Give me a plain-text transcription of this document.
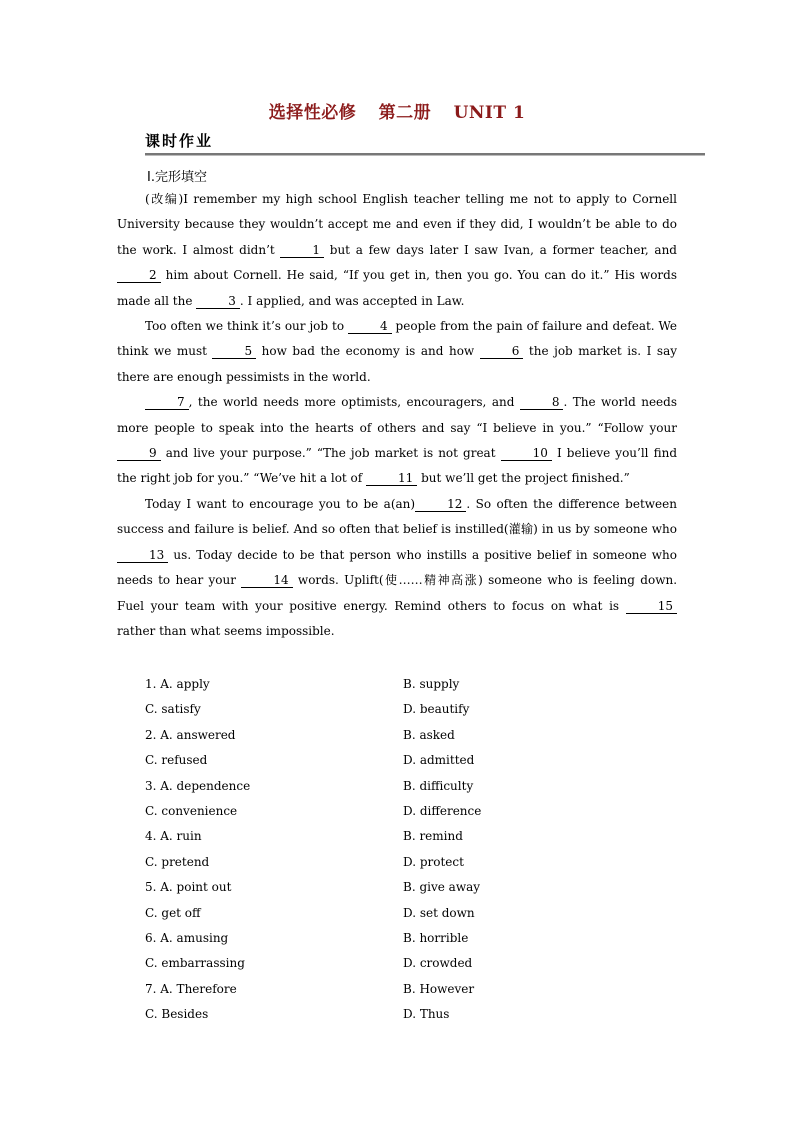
选择性必修 第二册 UNIT 1
课时作业
Ⅰ.完形填空

(改编)I remember my high school English teacher telling me not to apply to Cornell University because they wouldn’t accept me and even if they did, I wouldn’t be able to do the work. I almost didn’t	1 but a few days later I saw Ivan, a former teacher, and 2 him about Cornell. He said, “If you get in, then you go. You can do it.” His words made all the	3 . I applied, and was accepted in Law.

Too often we think it’s our job to	4 people from the pain of failure and defeat. We think we must	5 how bad the economy is and how	6 the job market is. I say there are enough pessimists in the world.

7 , the world needs more optimists, encouragers, and	8 . The world needs more people to speak into the hearts of others and say “I believe in you.” “Follow your 9 and live your purpose.” “The job market is not great	10 I believe you’ll find the right job for you.” “We’ve hit a lot of	11 but we’ll get the project finished.”

Today I want to encourage you to be a(an)	12 . So often the difference between success and failure is belief. And so often that belief is instilled(灌输) in us by someone who 13 us. Today decide to be that person who instills a positive belief in someone who needs to hear your	14 words. Uplift(使……精神高涨) someone who is feeling down. Fuel your team with your positive energy. Remind others to focus on what is	15 rather than what seems impossible.

1. A. apply	B. supply
C. satisfy	D. beautify
2. A. answered	B. asked
C. refused	D. admitted
3. A. dependence	B. difficulty
C. convenience	D. difference
4. A. ruin	B. remind
C. pretend	D. protect
5. A. point out	B. give away
C. get off	D. set down
6. A. amusing	B. horrible
C. embarrassing	D. crowded
7. A. Therefore	B. However
C. Besides	D. Thus
